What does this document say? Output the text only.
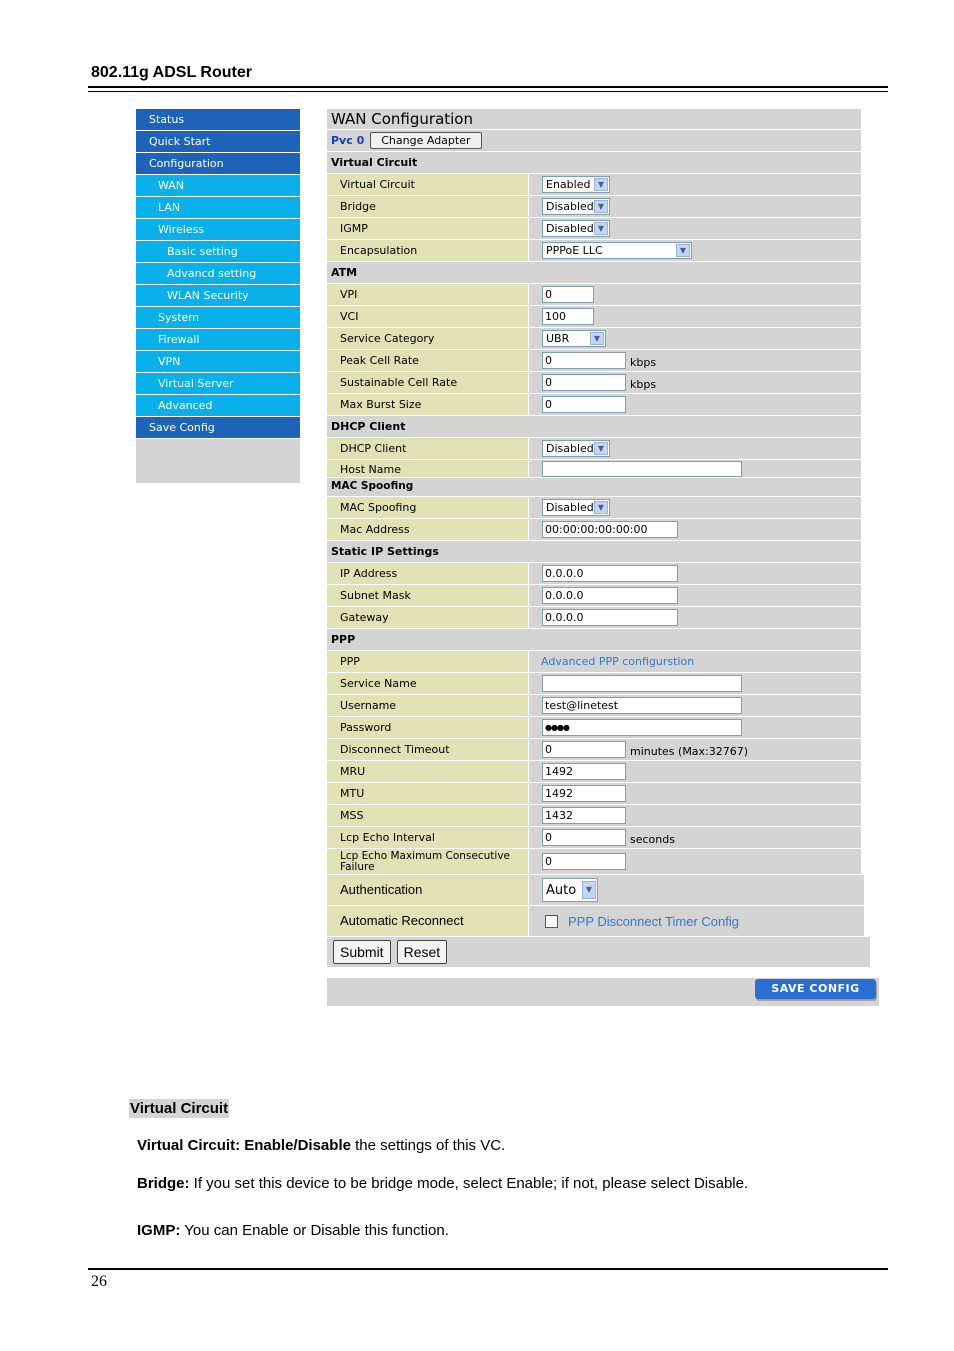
802.11g ADSL Router
Status
Quick Start
Configuration
WAN
LAN
Wireless
Basic setting
Advancd setting
WLAN Security
System
Firewall
VPN
Virtual Server
Advanced
Save Config
WAN Configuration
Pvc 0	Change Adapter
Virtual Circuit
Virtual Circuit	Enabled ▼
Bridge	Disabled ▼
IGMP	Disabled ▼
Encapsulation	PPPoE LLC	▼
ATM
VPI	0
VCI	100
Service Category	UBR	▼
Peak Cell Rate	0	kbps
Sustainable Cell Rate	0	kbps
Max Burst Size	0
DHCP Client
DHCP Client	Disabled ▼
Host Name
MAC Spoofing
MAC Spoofing	Disabled ▼
Mac Address	00:00:00:00:00:00
Static IP Settings
IP Address	0.0.0.0
Subnet Mask	0.0.0.0
Gateway	0.0.0.0
PPP
PPP	Advanced PPP configurstion
Service Name
Username	test@linetest
Password	●●●●
Disconnect Timeout	0	minutes (Max:32767)
MRU	1492
MTU	1492
MSS	1432
Lcp Echo Interval	0	seconds
Lcp Echo Maximum Consecutive Failure	0
Authentication	Auto	▼
Automatic Reconnect	PPP Disconnect Timer Config
Submit	Reset
SAVE CONFIG
Virtual Circuit
Virtual Circuit: Enable/Disable the settings of this VC.
Bridge: If you set this device to be bridge mode, select Enable; if not, please select Disable.
IGMP: You can Enable or Disable this function.
26
